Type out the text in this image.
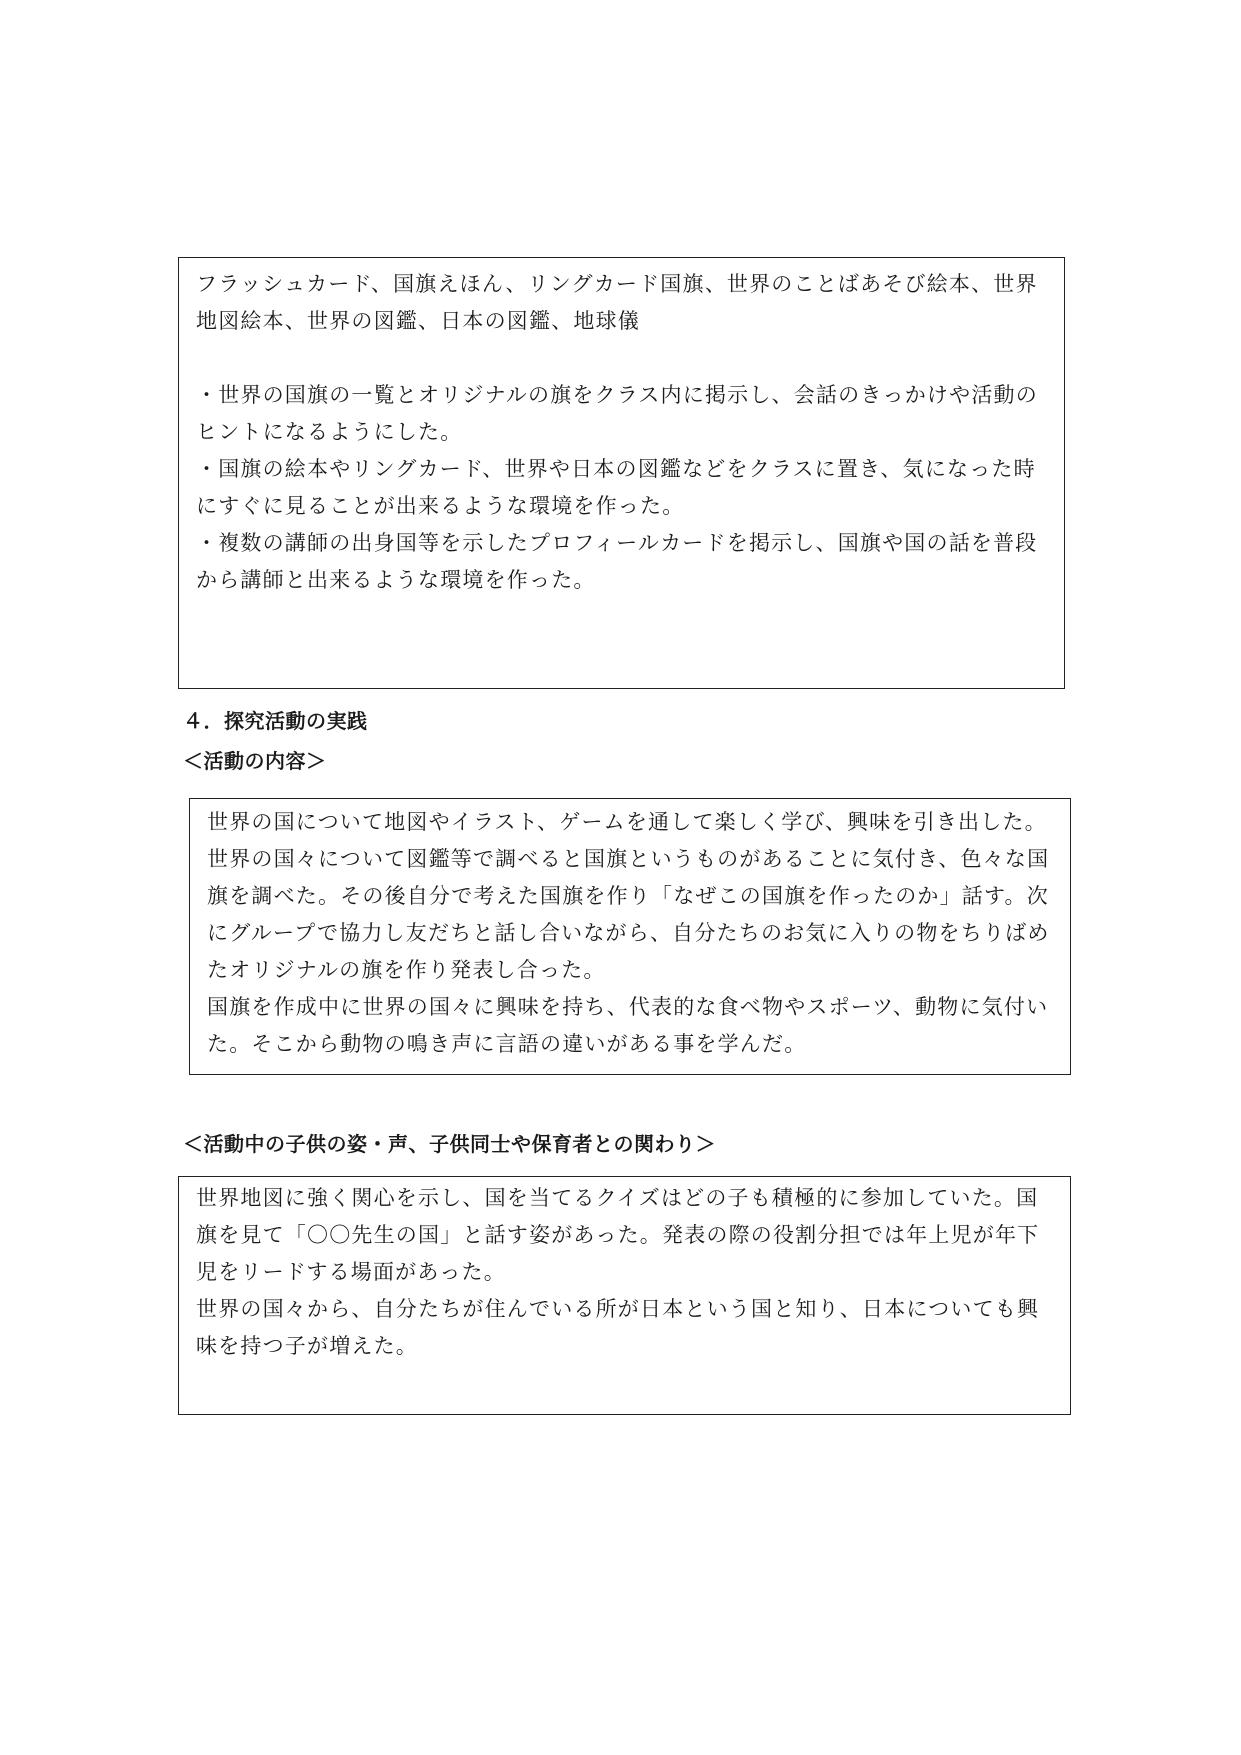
フラッシュカード、国旗えほん、リングカード国旗、世界のことばあそび絵本、世界地図絵本、世界の図鑑、日本の図鑑、地球儀

・世界の国旗の一覧とオリジナルの旗をクラス内に掲示し、会話のきっかけや活動のヒントになるようにした。

・国旗の絵本やリングカード、世界や日本の図鑑などをクラスに置き、気になった時にすぐに見ることが出来るような環境を作った。

・複数の講師の出身国等を示したプロフィールカードを掲示し、国旗や国の話を普段から講師と出来るような環境を作った。

４．探究活動の実践
＜活動の内容＞

世界の国について地図やイラスト、ゲームを通して楽しく学び、興味を引き出した。世界の国々について図鑑等で調べると国旗というものがあることに気付き、色々な国旗を調べた。その後自分で考えた国旗を作り「なぜこの国旗を作ったのか」話す。次にグループで協力し友だちと話し合いながら、自分たちのお気に入りの物をちりばめたオリジナルの旗を作り発表し合った。

国旗を作成中に世界の国々に興味を持ち、代表的な食べ物やスポーツ、動物に気付いた。そこから動物の鳴き声に言語の違いがある事を学んだ。

＜活動中の子供の姿・声、子供同士や保育者との関わり＞

世界地図に強く関心を示し、国を当てるクイズはどの子も積極的に参加していた。国旗を見て「〇〇先生の国」と話す姿があった。発表の際の役割分担では年上児が年下児をリードする場面があった。

世界の国々から、自分たちが住んでいる所が日本という国と知り、日本についても興味を持つ子が増えた。
